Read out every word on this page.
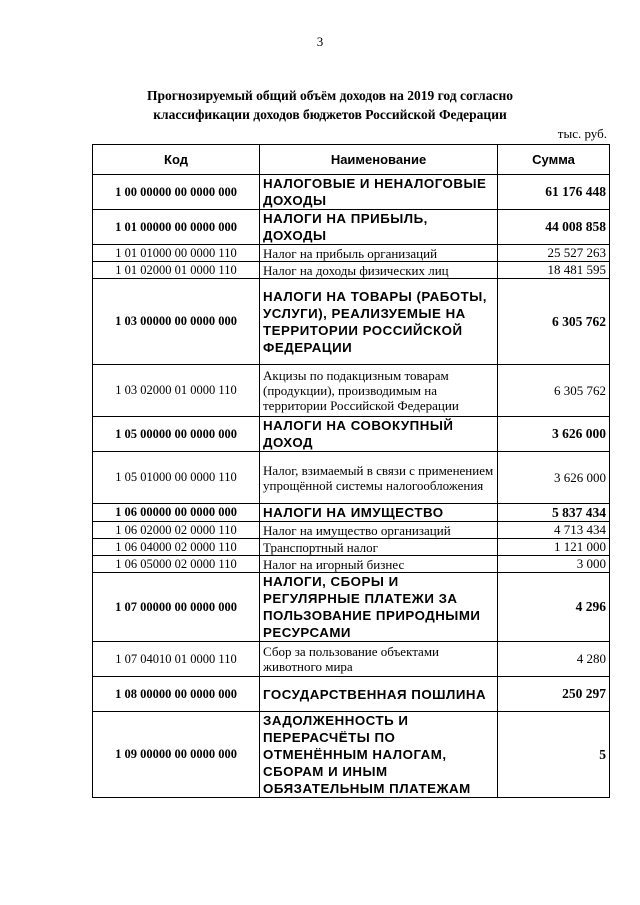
3
Прогнозируемый общий объём доходов на 2019 год согласно
классификации доходов бюджетов Российской Федерации
тыс. руб.
Код	Наименование	Сумма
1 00 00000 00 0000 000	НАЛОГОВЫЕ И НЕНАЛОГОВЫЕ ДОХОДЫ	61 176 448
1 01 00000 00 0000 000	НАЛОГИ НА ПРИБЫЛЬ, ДОХОДЫ	44 008 858
1 01 01000 00 0000 110	Налог на прибыль организаций	25 527 263
1 01 02000 01 0000 110	Налог на доходы физических лиц	18 481 595
1 03 00000 00 0000 000	НАЛОГИ НА ТОВАРЫ (РАБОТЫ, УСЛУГИ), РЕАЛИЗУЕМЫЕ НА ТЕРРИТОРИИ РОССИЙСКОЙ ФЕДЕРАЦИИ	6 305 762
1 03 02000 01 0000 110	Акцизы по подакцизным товарам (продукции), производимым на территории Российской Федерации	6 305 762
1 05 00000 00 0000 000	НАЛОГИ НА СОВОКУПНЫЙ ДОХОД	3 626 000
1 05 01000 00 0000 110	Налог, взимаемый в связи с применением упрощённой системы налогообложения	3 626 000
1 06 00000 00 0000 000	НАЛОГИ НА ИМУЩЕСТВО	5 837 434
1 06 02000 02 0000 110	Налог на имущество организаций	4 713 434
1 06 04000 02 0000 110	Транспортный налог	1 121 000
1 06 05000 02 0000 110	Налог на игорный бизнес	3 000
1 07 00000 00 0000 000	НАЛОГИ, СБОРЫ И РЕГУЛЯРНЫЕ ПЛАТЕЖИ ЗА ПОЛЬЗОВАНИЕ ПРИРОДНЫМИ РЕСУРСАМИ	4 296
1 07 04010 01 0000 110	Сбор за пользование объектами животного мира	4 280
1 08 00000 00 0000 000	ГОСУДАРСТВЕННАЯ ПОШЛИНА	250 297
1 09 00000 00 0000 000	ЗАДОЛЖЕННОСТЬ И ПЕРЕРАСЧЁТЫ ПО ОТМЕНЁННЫМ НАЛОГАМ, СБОРАМ И ИНЫМ ОБЯЗАТЕЛЬНЫМ ПЛАТЕЖАМ	5
